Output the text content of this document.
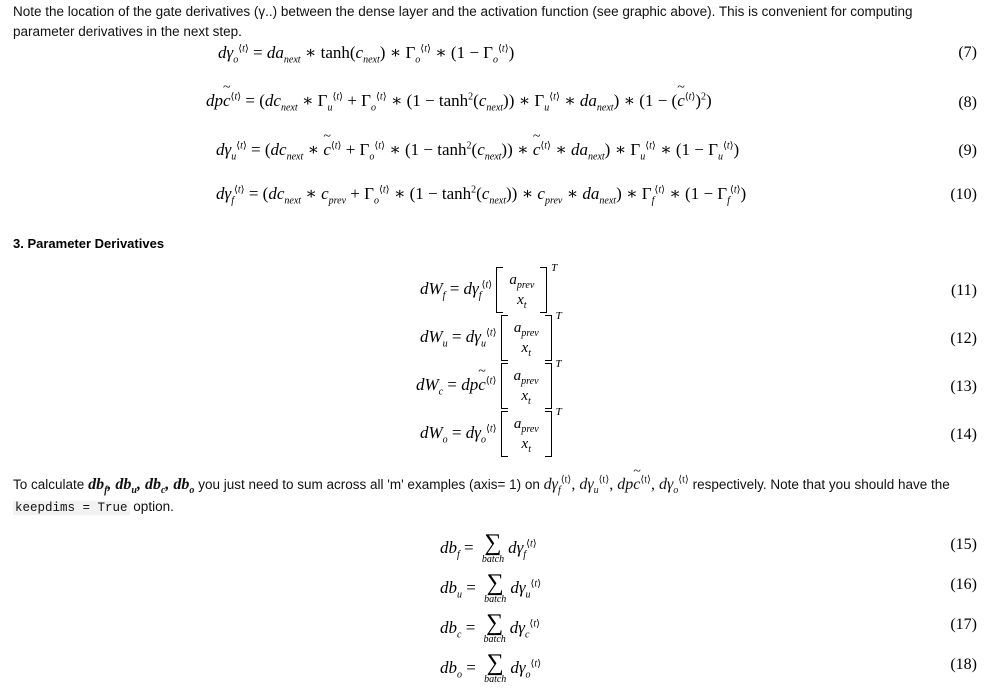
Note the location of the gate derivatives (γ..) between the dense layer and the activation function (see graphic above). This is convenient for computing parameter derivatives in the next step.
$d\gamma_o^{⟨t⟩} = da_{next}$ ∗ $\tanh(c_{next})$ ∗ $\Gamma_o^{⟨t⟩}$ ∗ $(1 - \Gamma_o^{⟨t⟩})$	(7)
dp~ $c^{⟨t⟩} = (dc_{next}$ ∗ $\Gamma_u^{⟨t⟩} + \Gamma_o^{⟨t⟩}$ ∗ $(1 - \tanh^2(c_{next}))$ ∗ $\Gamma_u^{⟨t⟩}$ ∗ $da_{next}$) ∗ (1 − (~ $c^{⟨t⟩})^2$)	(8)
$d\gamma_u^{⟨t⟩} = (dc_{next}$ ∗ ~ $c^{⟨t⟩} + \Gamma_o^{⟨t⟩}$ ∗ $(1 - \tanh^2(c_{next}))$ ∗ ~ $c^{⟨t⟩}$ ∗ $da_{next}$) ∗ $\Gamma_u^{⟨t⟩}$ ∗ $(1 - \Gamma_u^{⟨t⟩})$	(9)
$d\gamma_f^{⟨t⟩} = (dc_{next}$ ∗ $c_{prev} + \Gamma_o^{⟨t⟩}$ ∗ $(1 - \tanh^2(c_{next}))$ ∗ $c_{prev}$ ∗ $da_{next}$) ∗ $\Gamma_f^{⟨t⟩}$ ∗ $(1 - \Gamma_f^{⟨t⟩})$	(10)
3. Parameter Derivatives
$dW_f = d\gamma_f^{⟨t⟩}$ $a_{prev}$
$x_t$
T
(11)
$dW_u = d\gamma_u^{⟨t⟩}$ $a_{prev}$
$x_t$
T
(12)
$dW_c$ = dp~ $c^{⟨t⟩}$ $a_{prev}$
$x_t$
T
(13)
$dW_o = d\gamma_o^{⟨t⟩}$ $a_{prev}$
$x_t$
T
(14)
To calculate $db_f$, $db_u$, $db_c$, $db_o$ you just need to sum across all 'm' examples (axis= 1) on $d\gamma_f^{⟨t⟩}$, $d\gamma_u^{⟨t⟩}$, dp~ $c^{⟨t⟩}$, $d\gamma_o^{⟨t⟩}$ respectively. Note that you should have the keepdims = True option.
$db_f$ = ∑
batch
$d\gamma_f^{⟨t⟩}$	(15)
$db_u$ = ∑
batch
$d\gamma_u^{⟨t⟩}$	(16)
$db_c$ = ∑
batch
$d\gamma_c^{⟨t⟩}$	(17)
$db_o$ = ∑
batch
$d\gamma_o^{⟨t⟩}$	(18)
